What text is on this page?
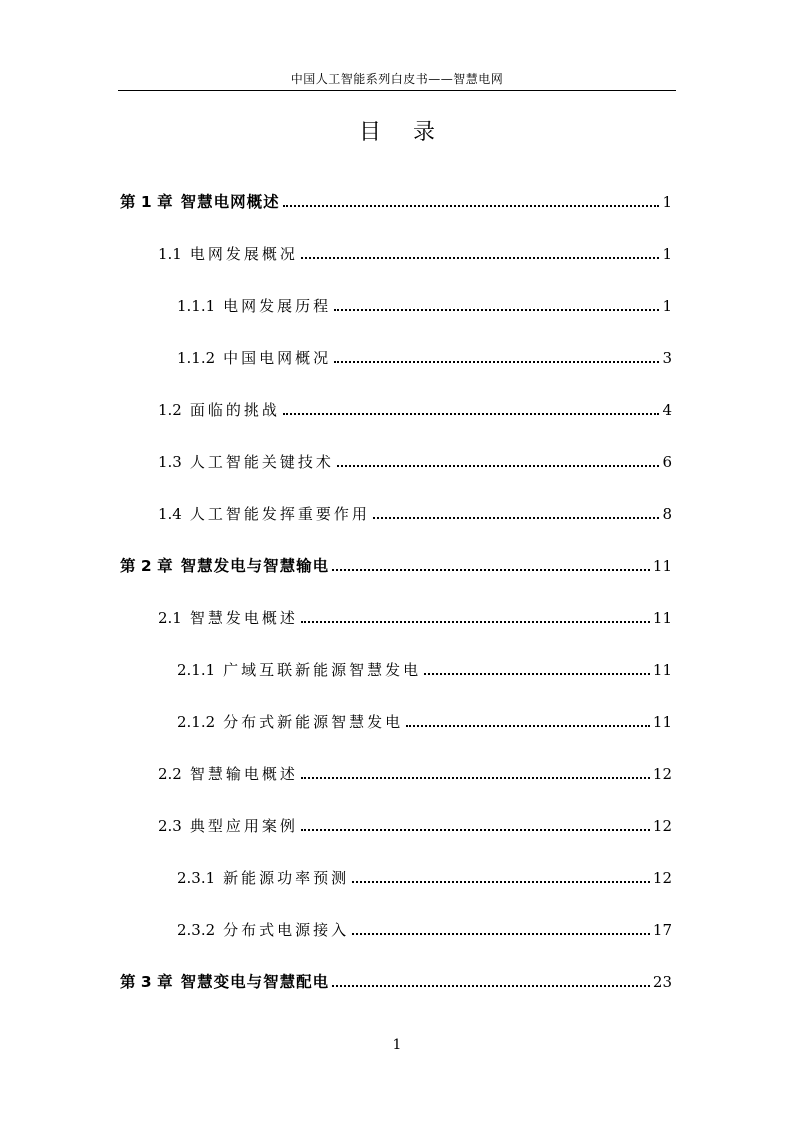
中国人工智能系列白皮书——智慧电网
目 录
第 1 章 智慧电网概述	1
1.1 电网发展概况	1
1.1.1 电网发展历程	1
1.1.2 中国电网概况	3
1.2 面临的挑战	4
1.3 人工智能关键技术	6
1.4 人工智能发挥重要作用	8
第 2 章 智慧发电与智慧输电	11
2.1 智慧发电概述	11
2.1.1 广域互联新能源智慧发电	11
2.1.2 分布式新能源智慧发电	11
2.2 智慧输电概述	12
2.3 典型应用案例	12
2.3.1 新能源功率预测	12
2.3.2 分布式电源接入	17
第 3 章 智慧变电与智慧配电	23
1
